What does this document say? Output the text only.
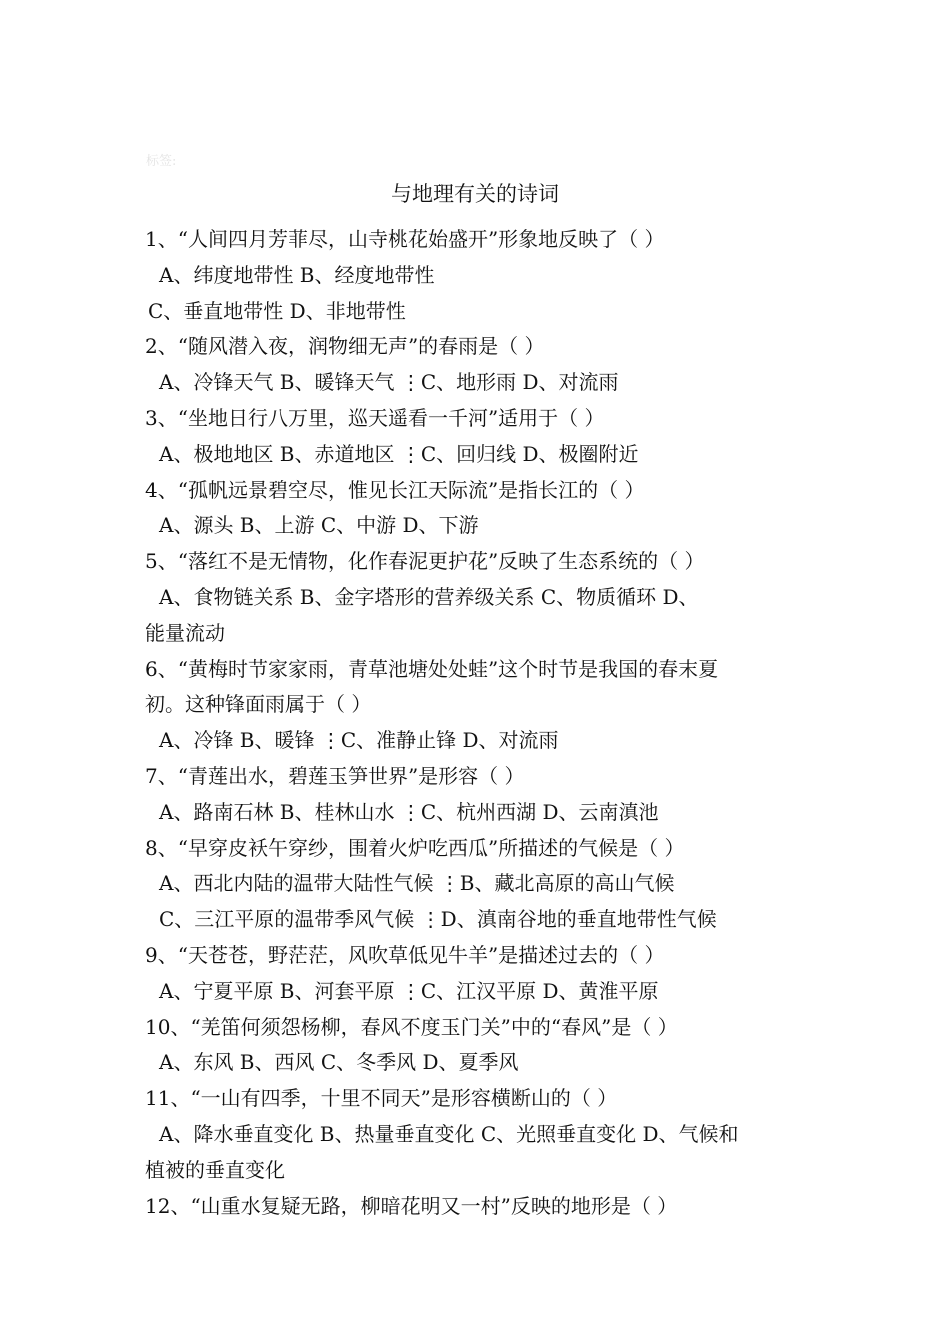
标签:
与地理有关的诗词
1、“人间四月芳菲尽，山寺桃花始盛开”形象地反映了（ ）
A、纬度地带性 B、经度地带性
C、垂直地带性 D、非地带性
2、“随风潜入夜，润物细无声”的春雨是（ ）
A、冷锋天气 B、暖锋天气 ⋮C、地形雨 D、对流雨
3、“坐地日行八万里，巡天遥看一千河”适用于（ ）
A、极地地区 B、赤道地区 ⋮C、回归线 D、极圈附近
4、“孤帆远景碧空尽，惟见长江天际流”是指长江的（ ）
A、源头 B、上游 C、中游 D、下游
5、“落红不是无情物，化作春泥更护花”反映了生态系统的（ ）
A、食物链关系 B、金字塔形的营养级关系 C、物质循环 D、
能量流动
6、“黄梅时节家家雨，青草池塘处处蛙”这个时节是我国的春末夏
初。这种锋面雨属于（ ）
A、冷锋 B、暖锋 ⋮C、准静止锋 D、对流雨
7、“青莲出水，碧莲玉笋世界”是形容（ ）
A、路南石林 B、桂林山水 ⋮C、杭州西湖 D、云南滇池
8、“早穿皮袄午穿纱，围着火炉吃西瓜”所描述的气候是（ ）
A、西北内陆的温带大陆性气候 ⋮B、藏北高原的高山气候
C、三江平原的温带季风气候 ⋮D、滇南谷地的垂直地带性气候
9、“天苍苍，野茫茫，风吹草低见牛羊”是描述过去的（ ）
A、宁夏平原 B、河套平原 ⋮C、江汉平原 D、黄淮平原
10、“羌笛何须怨杨柳，春风不度玉门关”中的“春风”是（ ）
A、东风 B、西风 C、冬季风 D、夏季风
11、“一山有四季，十里不同天”是形容横断山的（ ）
A、降水垂直变化 B、热量垂直变化 C、光照垂直变化 D、气候和
植被的垂直变化
12、“山重水复疑无路，柳暗花明又一村”反映的地形是（ ）
